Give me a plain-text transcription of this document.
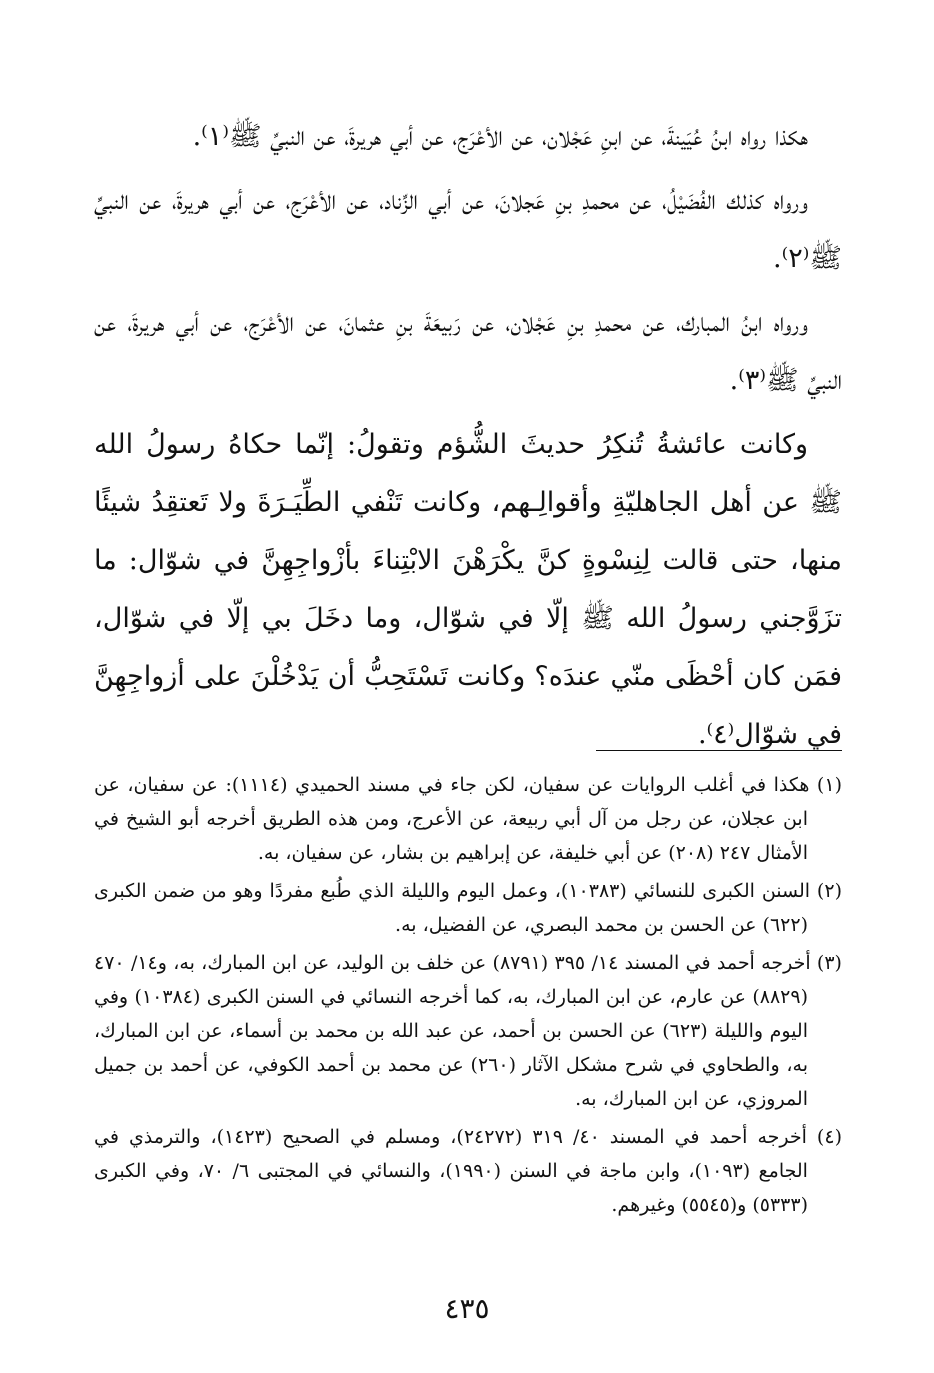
هكذا رواه ابنُ عُيَينةَ، عن ابنِ عَجْلان، عن الأعْرَج، عن أبي هريرةَ، عن النبيِّ ﷺ⁽١⁾.

ورواه كذلك الفُضَيْلُ، عن محمدِ بنِ عَجلانَ، عن أبي الزِّناد، عن الأعْرَج، عن أبي هريرةَ، عن النبيِّ ﷺ⁽٢⁾.

ورواه ابنُ المبارك، عن محمدِ بنِ عَجْلان، عن رَبيعَةَ بنِ عثمانَ، عن الأعْرَج، عن أبي هريرةَ، عن النبيِّ ﷺ⁽٣⁾.

وكانت عائشةُ تُنكِرُ حديثَ الشُّؤم وتقولُ: إنّما حكاهُ رسولُ الله ﷺ عن أهل الجاهليّةِ وأقوالِـهم، وكانت تَنْفي الطِّيَـرَةَ ولا تَعتقِدُ شيئًا منها، حتى قالت لِنِسْوةٍ كنَّ يكْرَهْنَ الابْتِناءَ بأزْواجِهِنَّ في شوّال: ما تزَوَّجني رسولُ الله ﷺ إلّا في شوّال، وما دخَلَ بي إلّا في شوّال، فمَن كان أحْظَى منّي عندَه؟ وكانت تَسْتَحِبُّ أن يَدْخُلْنَ على أزواجِهِنَّ في شوّال⁽٤⁾.

(١) هكذا في أغلب الروايات عن سفيان، لكن جاء في مسند الحميدي (١١١٤): عن سفيان، عن ابن عجلان، عن رجل من آل أبي ربيعة، عن الأعرج، ومن هذه الطريق أخرجه أبو الشيخ في الأمثال ٢٤٧ (٢٠٨) عن أبي خليفة، عن إبراهيم بن بشار، عن سفيان، به.

(٢) السنن الكبرى للنسائي (١٠٣٨٣)، وعمل اليوم والليلة الذي طُبع مفردًا وهو من ضمن الكبرى (٦٢٢) عن الحسن بن محمد البصري، عن الفضيل، به.

(٣) أخرجه أحمد في المسند ١٤/ ٣٩٥ (٨٧٩١) عن خلف بن الوليد، عن ابن المبارك، به، و١٤/ ٤٧٠ (٨٨٢٩) عن عارم، عن ابن المبارك، به، كما أخرجه النسائي في السنن الكبرى (١٠٣٨٤) وفي اليوم والليلة (٦٢٣) عن الحسن بن أحمد، عن عبد الله بن محمد بن أسماء، عن ابن المبارك، به، والطحاوي في شرح مشكل الآثار (٢٦٠) عن محمد بن أحمد الكوفي، عن أحمد بن جميل المروزي، عن ابن المبارك، به.

(٤) أخرجه أحمد في المسند ٤٠/ ٣١٩ (٢٤٢٧٢)، ومسلم في الصحيح (١٤٢٣)، والترمذي في الجامع (١٠٩٣)، وابن ماجة في السنن (١٩٩٠)، والنسائي في المجتبى ٦/ ٧٠، وفي الكبرى (٥٣٣٣) و(٥٥٤٥) وغيرهم.

٤٣٥
